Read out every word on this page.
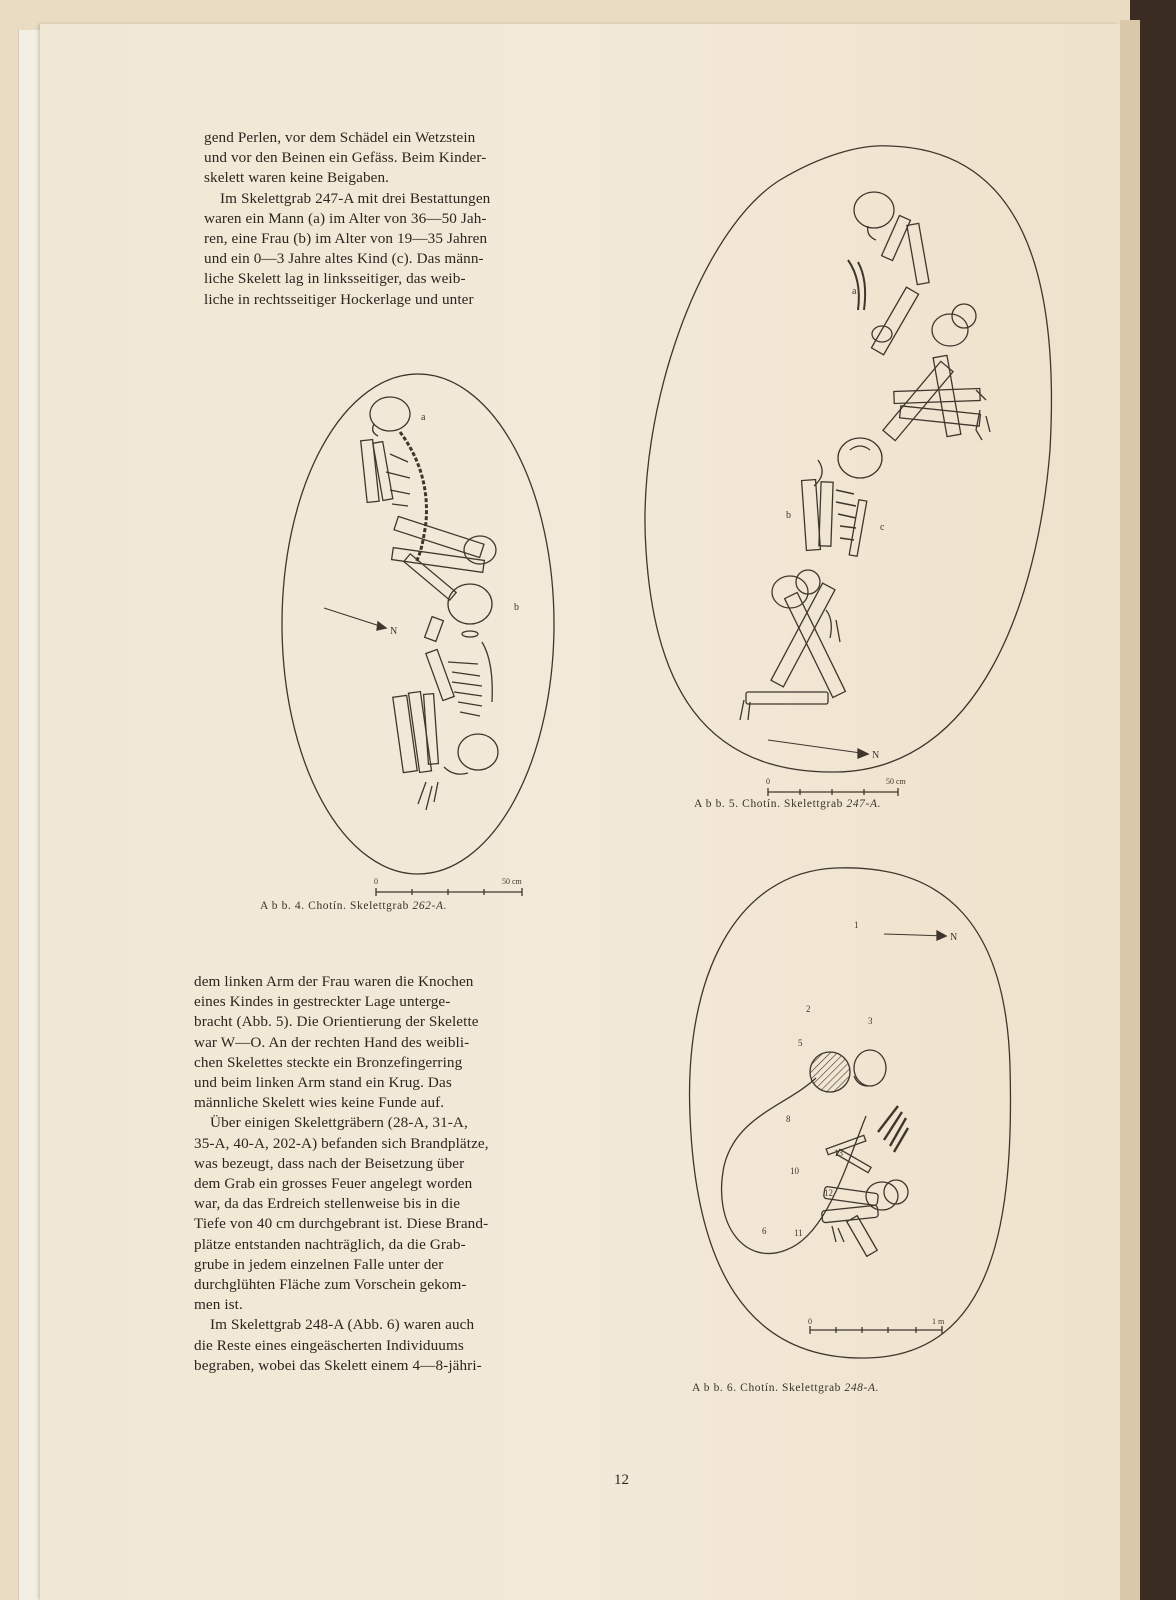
gend Perlen, vor dem Schädel ein Wetzstein

und vor den Beinen ein Gefäss. Beim Kinder-

skelett waren keine Beigaben.

Im Skelettgrab 247-A mit drei Bestattungen

waren ein Mann (a) im Alter von 36—50 Jah-

ren, eine Frau (b) im Alter von 19—35 Jahren

und ein 0—3 Jahre altes Kind (c). Das männ-

liche Skelett lag in linksseitiger, das weib-

liche in rechtsseitiger Hockerlage und unter

a
b
N
0	50 cm
A b b. 4. Chotín. Skelettgrab 262-A.

dem linken Arm der Frau waren die Knochen

eines Kindes in gestreckter Lage unterge-

bracht (Abb. 5). Die Orientierung der Skelette

war W—O. An der rechten Hand des weibli-

chen Skelettes steckte ein Bronzefingerring

und beim linken Arm stand ein Krug. Das

männliche Skelett wies keine Funde auf.

Über einigen Skelettgräbern (28-A, 31-A,

35-A, 40-A, 202-A) befanden sich Brandplätze,

was bezeugt, dass nach der Beisetzung über

dem Grab ein grosses Feuer angelegt worden

war, da das Erdreich stellenweise bis in die

Tiefe von 40 cm durchgebrant ist. Diese Brand-

plätze entstanden nachträglich, da die Grab-

grube in jedem einzelnen Falle unter der

durchglühten Fläche zum Vorschein gekom-

men ist.

Im Skelettgrab 248-A (Abb. 6) waren auch

die Reste eines eingeäscherten Individuums

begraben, wobei das Skelett einem 4—8-jähri-

a
b
c
N
0	50 cm
A b b. 5. Chotín. Skelettgrab 247-A.
N
1
3
2
5
8
10
13
12
6	11
0	1 m
A b b. 6. Chotín. Skelettgrab 248-A.
12
